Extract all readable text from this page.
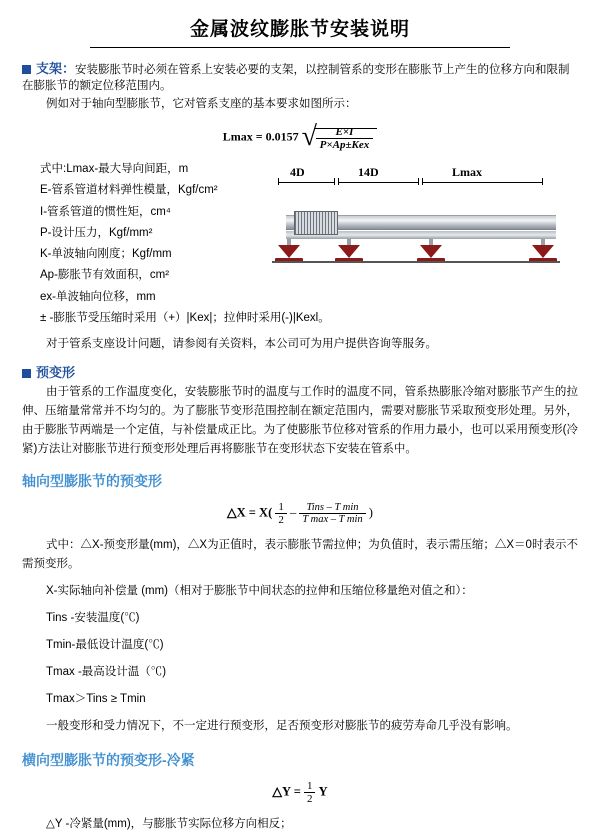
金属波纹膨胀节安装说明
支架：安装膨胀节时必须在管系上安装必要的支架，以控制管系的变形在膨胀节上产生的位移方向和限制在膨胀节的额定位移范围内。

例如对于轴向型膨胀节，它对管系支座的基本要求如图所示：

Lmax = 0.0157 √
$\frac{E\times I}{\text{P×Ap±Kex}}$
式中:Lmax-最大导向间距，m
E-管系管道材料弹性模量，Kgf/cm²
I-管系管道的惯性矩，cm⁴
P-设计压力，Kgf/mm²
K-单波轴向刚度；Kgf/mm
Ap-膨胀节有效面积，cm²
ex-单波轴向位移，mm
± -膨胀节受压缩时采用（+）|Kex|；拉伸时采用(-)|Kexl。
4D	14D	Lmax

对于管系支座设计问题，请参阅有关资料，本公司可为用户提供咨询等服务。

预变形

由于管系的工作温度变化，安装膨胀节时的温度与工作时的温度不同，管系热膨胀冷缩对膨胀节产生的拉伸、压缩量常常并不均匀的。为了膨胀节变形范围控制在额定范围内，需要对膨胀节采取预变形处理。另外，由于膨胀节两端是一个定值，与补偿量成正比。为了使膨胀节位移对管系的作用力最小，也可以采用预变形(冷紧)方法让对膨胀节进行预变形处理后再将膨胀节在变形状态下安装在管系中。

轴向型膨胀节的预变形
△X = $X( \frac{1}{2} - \frac{\text{Tins – T min}}{\text{T max – T min}}$ )

式中：△X-预变形量(mm)，△X为正值时，表示膨胀节需拉伸；为负值时，表示需压缩；△X＝0时表示不需预变形。

X-实际轴向补偿量 (mm)（相对于膨胀节中间状态的拉伸和压缩位移量绝对值之和）：

Tins -安装温度(℃)

Tmin-最低设计温度(℃)

Tmax -最高设计温（℃)

Tmax＞Tins ≥ Tmin

一般变形和受力情况下，不一定进行预变形，足否预变形对膨胀节的疲劳寿命几乎没有影响。

横向型膨胀节的预变形-冷紧
△Y = $\frac{1}{2}$ Y

△Y -冷紧量(mm)，与膨胀节实际位移方向相反；
